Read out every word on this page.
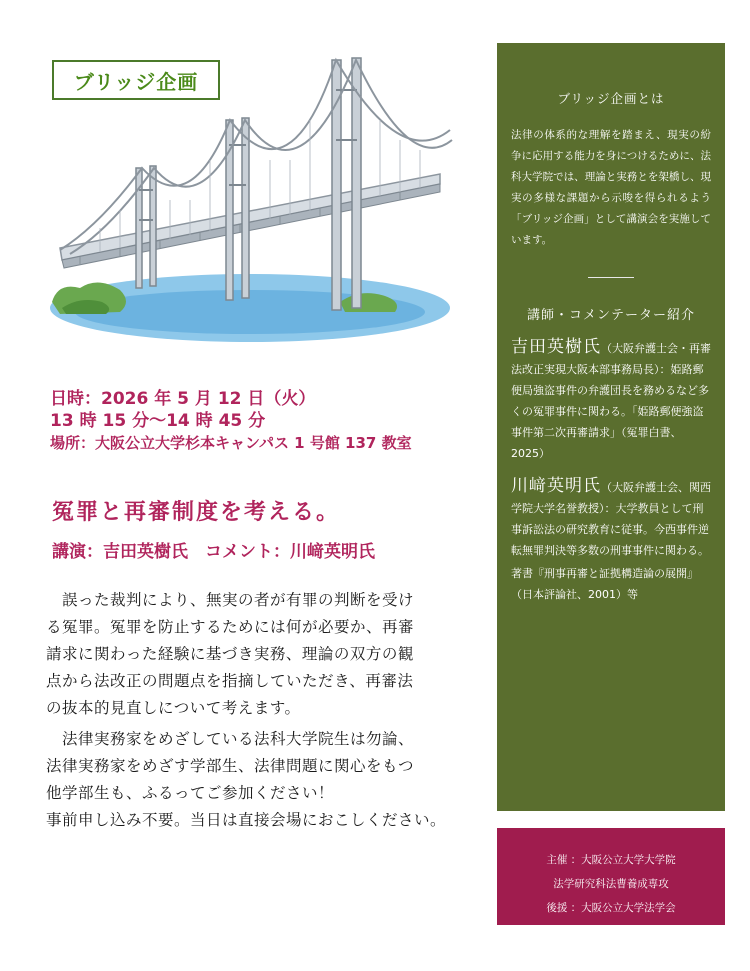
ブリッジ企画
日時：2026 年 5 月 12 日（火）
13 時 15 分～14 時 45 分
場所：大阪公立大学杉本キャンパス 1 号館 137 教室
冤罪と再審制度を考える。
講演：吉田英樹氏　コメント：川﨑英明氏

　誤った裁判により、無実の者が有罪の判断を受け
る冤罪。冤罪を防止するためには何が必要か、再審
請求に関わった経験に基づき実務、理論の双方の観
点から法改正の問題点を指摘していただき、再審法
の抜本的見直しについて考えます。

　法律実務家をめざしている法科大学院生は勿論、
法律実務家をめざす学部生、法律問題に関心をもつ
他学部生も、ふるってご参加ください！
事前申し込み不要。当日は直接会場におこしください。

ブリッジ企画とは
法律の体系的な理解を踏まえ、現実の紛争に応用する能力を身につけるために、法科大学院では、理論と実務とを架橋し、現実の多様な課題から示唆を得られるよう「ブリッジ企画」として講演会を実施しています。
講師・コメンテーター紹介
吉田英樹氏（大阪弁護士会・再審法改正実現大阪本部事務局長）：姫路郵便局強盗事件の弁護団長を務めるなど多くの冤罪事件に関わる。「姫路郵便強盗事件第二次再審請求」（冤罪白書、2025）
川﨑英明氏（大阪弁護士会、関西学院大学名誉教授）：大学教員として刑事訴訟法の研究教育に従事。今西事件逆転無罪判決等多数の刑事事件に関わる。
著書『刑事再審と証拠構造論の展開』（日本評論社、2001）等
主催 ：大阪公立大学大学院
法学研究科法曹養成専攻
後援 ：大阪公立大学法学会
